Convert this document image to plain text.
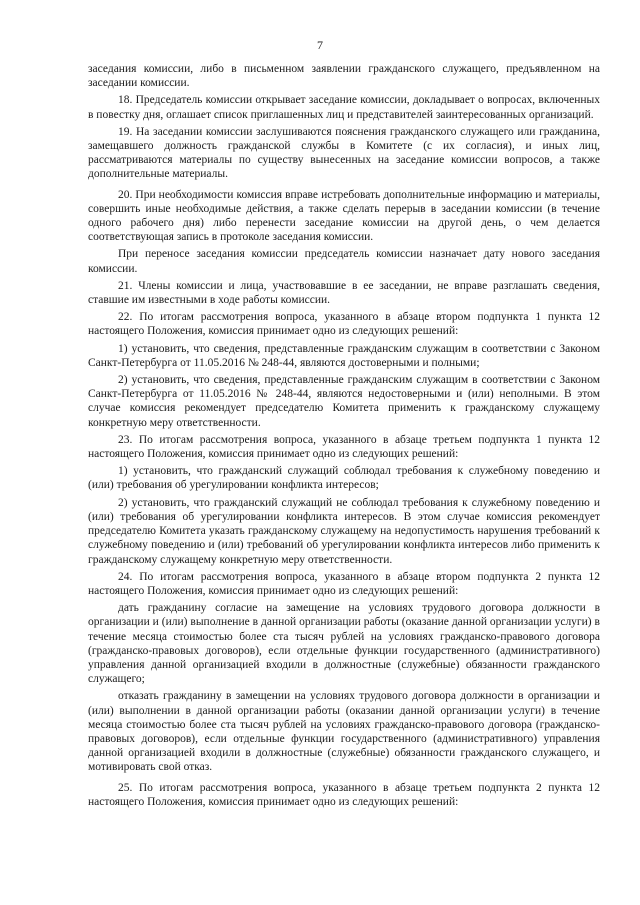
7

заседания комиссии, либо в письменном заявлении гражданского служащего, предъявленном на заседании комиссии.

18. Председатель комиссии открывает заседание комиссии, докладывает о вопросах, включенных в повестку дня, оглашает список приглашенных лиц и представителей заинтересованных организаций.

19. На заседании комиссии заслушиваются пояснения гражданского служащего или гражданина, замещавшего должность гражданской службы в Комитете (с их согласия), и иных лиц, рассматриваются материалы по существу вынесенных на заседание комиссии вопросов, а также дополнительные материалы.

20. При необходимости комиссия вправе истребовать дополнительные информацию и материалы, совершить иные необходимые действия, а также сделать перерыв в заседании комиссии (в течение одного рабочего дня) либо перенести заседание комиссии на другой день, о чем делается соответствующая запись в протоколе заседания комиссии.

При переносе заседания комиссии председатель комиссии назначает дату нового заседания комиссии.

21. Члены комиссии и лица, участвовавшие в ее заседании, не вправе разглашать сведения, ставшие им известными в ходе работы комиссии.

22. По итогам рассмотрения вопроса, указанного в абзаце втором подпункта 1 пункта 12 настоящего Положения, комиссия принимает одно из следующих решений:

1) установить, что сведения, представленные гражданским служащим в соответствии с Законом Санкт-Петербурга от 11.05.2016 № 248-44, являются достоверными и полными;

2) установить, что сведения, представленные гражданским служащим в соответствии с Законом Санкт-Петербурга от 11.05.2016 № 248-44, являются недостоверными и (или) неполными. В этом случае комиссия рекомендует председателю Комитета применить к гражданскому служащему конкретную меру ответственности.

23. По итогам рассмотрения вопроса, указанного в абзаце третьем подпункта 1 пункта 12 настоящего Положения, комиссия принимает одно из следующих решений:

1) установить, что гражданский служащий соблюдал требования к служебному поведению и (или) требования об урегулировании конфликта интересов;

2) установить, что гражданский служащий не соблюдал требования к служебному поведению и (или) требования об урегулировании конфликта интересов. В этом случае комиссия рекомендует председателю Комитета указать гражданскому служащему на недопустимость нарушения требований к служебному поведению и (или) требований об урегулировании конфликта интересов либо применить к гражданскому служащему конкретную меру ответственности.

24. По итогам рассмотрения вопроса, указанного в абзаце втором подпункта 2 пункта 12 настоящего Положения, комиссия принимает одно из следующих решений:

дать гражданину согласие на замещение на условиях трудового договора должности в организации и (или) выполнение в данной организации работы (оказание данной организации услуги) в течение месяца стоимостью более ста тысяч рублей на условиях гражданско-правового договора (гражданско-правовых договоров), если отдельные функции государственного (административного) управления данной организацией входили в должностные (служебные) обязанности гражданского служащего;

отказать гражданину в замещении на условиях трудового договора должности в организации и (или) выполнении в данной организации работы (оказании данной организации услуги) в течение месяца стоимостью более ста тысяч рублей на условиях гражданско-правового договора (гражданско-правовых договоров), если отдельные функции государственного (административного) управления данной организацией входили в должностные (служебные) обязанности гражданского служащего, и мотивировать свой отказ.

25. По итогам рассмотрения вопроса, указанного в абзаце третьем подпункта 2 пункта 12 настоящего Положения, комиссия принимает одно из следующих решений:
